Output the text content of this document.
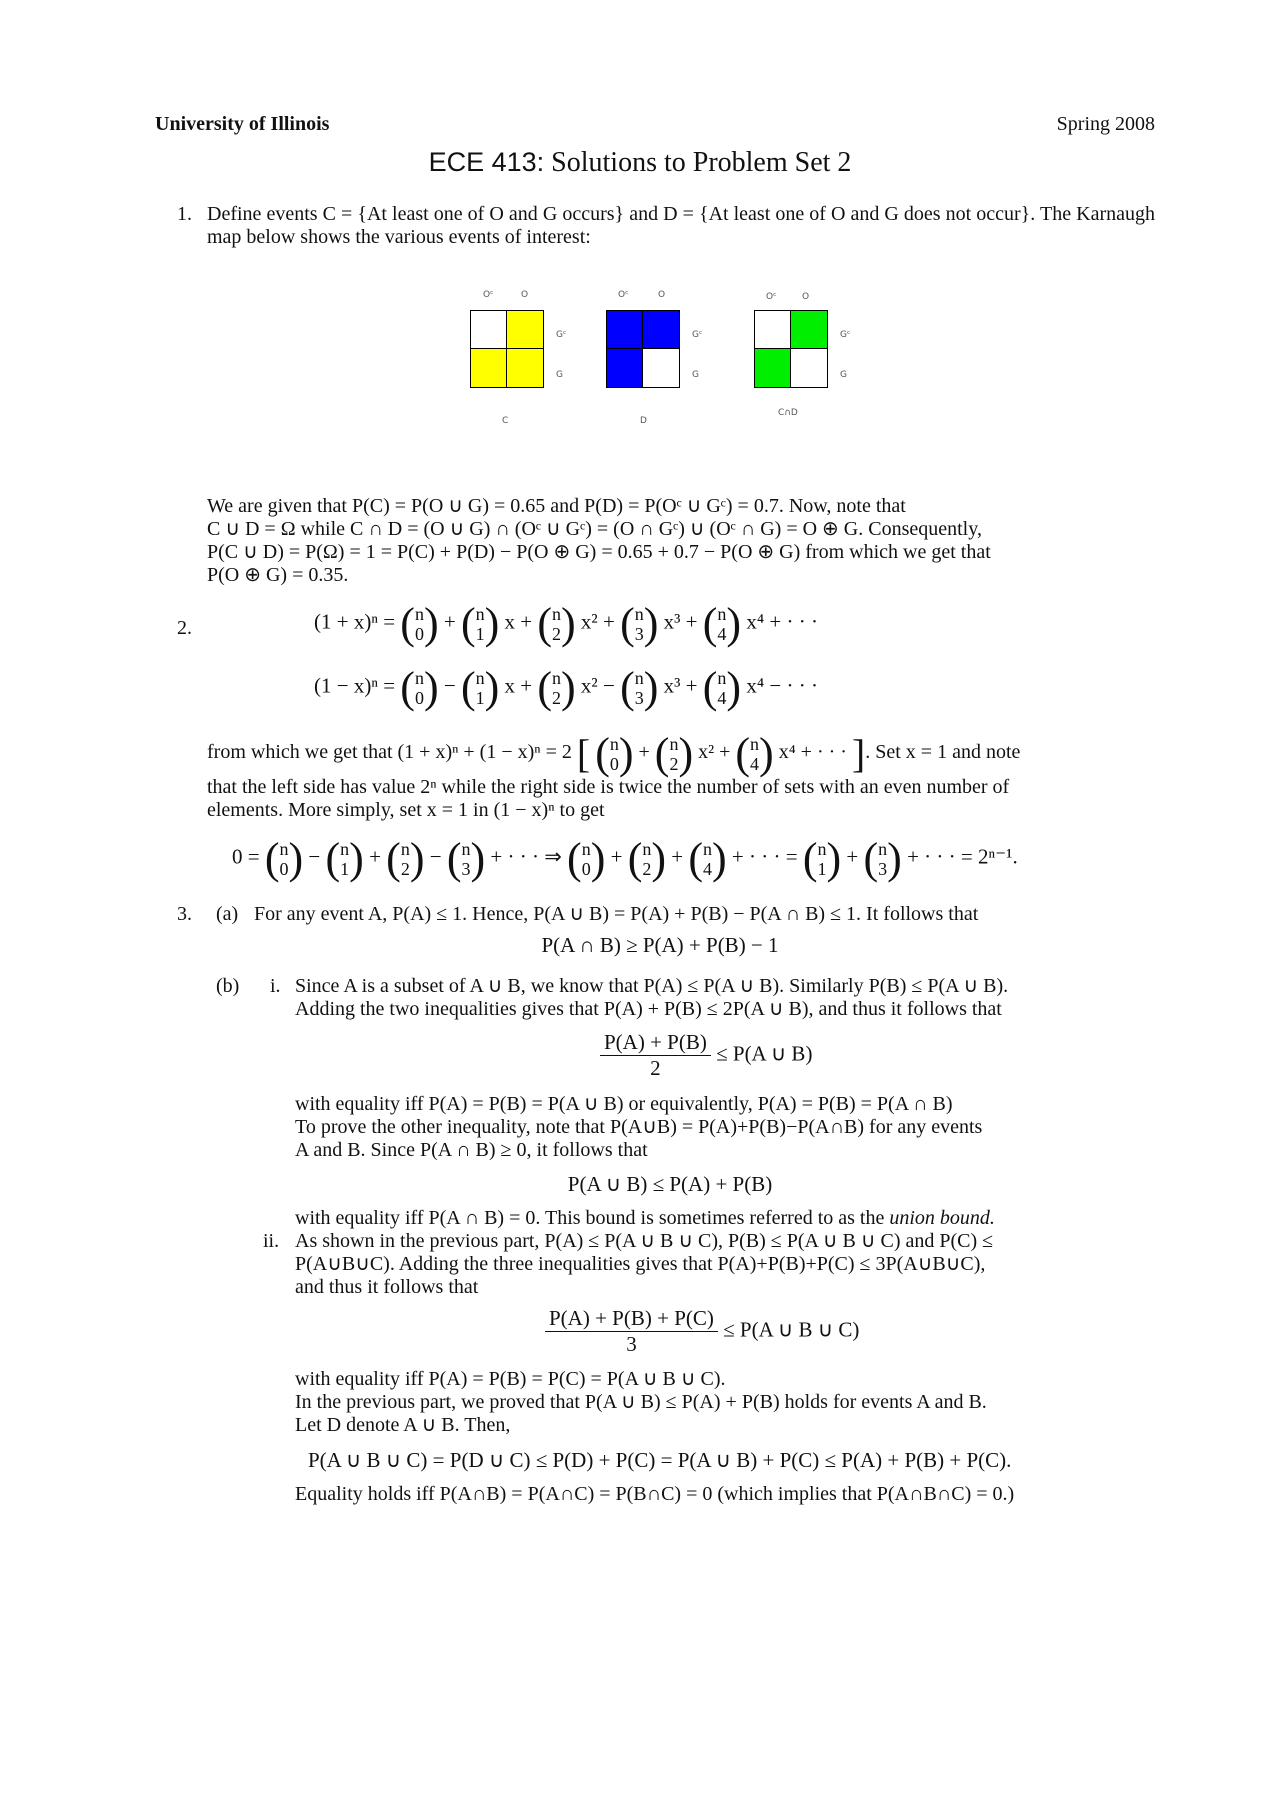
University of Illinois	Spring 2008
ECE 413: Solutions to Problem Set 2
1. Define events C = {At least one of O and G occurs} and D = {At least one of O and G does not occur}. The Karnaugh map below shows the various events of interest:
Oᶜ	O
Gᶜ
G
C
Oᶜ	O
Gᶜ
G
D
Oᶜ	O
Gᶜ
G
C∩D
We are given that P(C) = P(O ∪ G) = 0.65 and P(D) = P(Oᶜ ∪ Gᶜ) = 0.7. Now, note that
C ∪ D = Ω while C ∩ D = (O ∪ G) ∩ (Oᶜ ∪ Gᶜ) = (O ∩ Gᶜ) ∪ (Oᶜ ∩ G) = O ⊕ G. Consequently,
P(C ∪ D) = P(Ω) = 1 = P(C) + P(D) − P(O ⊕ G) = 0.65 + 0.7 − P(O ⊕ G) from which we get that
P(O ⊕ G) = 0.35.
2.	(1 + x)ⁿ = (n
0) + (n
1) x + (n
2) x² + (n
3) x³ + (n
4) x⁴ + · · ·
(1 − x)ⁿ = (n
0) − (n
1) x + (n
2) x² − (n
3) x³ + (n
4) x⁴ − · · ·
from which we get that (1 + x)ⁿ + (1 − x)ⁿ = 2 [ (n
0) + (n
2) x² + (n
4) x⁴ + · · · ]. Set x = 1 and note
that the left side has value 2ⁿ while the right side is twice the number of sets with an even number of
elements. More simply, set x = 1 in (1 − x)ⁿ to get
0 = (n
0) − (n
1) + (n
2) − (n
3) + · · · ⇒ (n
0) + (n
2) + (n
4) + · · · = (n
1) + (n
3) + · · · = 2ⁿ⁻¹.
3. (a) For any event A, P(A) ≤ 1. Hence, P(A ∪ B) = P(A) + P(B) − P(A ∩ B) ≤ 1. It follows that
P(A ∩ B) ≥ P(A) + P(B) − 1
(b) i. Since A is a subset of A ∪ B, we know that P(A) ≤ P(A ∪ B). Similarly P(B) ≤ P(A ∪ B).
Adding the two inequalities gives that P(A) + P(B) ≤ 2P(A ∪ B), and thus it follows that
$\frac{P(A) + P(B)}{2} \le P(A$ ∪ B)
with equality iff P(A) = P(B) = P(A ∪ B) or equivalently, P(A) = P(B) = P(A ∩ B)
To prove the other inequality, note that P(A∪B) = P(A)+P(B)−P(A∩B) for any events
A and B. Since P(A ∩ B) ≥ 0, it follows that
P(A ∪ B) ≤ P(A) + P(B)
with equality iff P(A ∩ B) = 0. This bound is sometimes referred to as the union bound.
ii. As shown in the previous part, P(A) ≤ P(A ∪ B ∪ C), P(B) ≤ P(A ∪ B ∪ C) and P(C) ≤
P(A∪B∪C). Adding the three inequalities gives that P(A)+P(B)+P(C) ≤ 3P(A∪B∪C),
and thus it follows that
$\frac{P(A) + P(B) + P(C)}{3} \le P(A$ ∪ B ∪ C)
with equality iff P(A) = P(B) = P(C) = P(A ∪ B ∪ C).
In the previous part, we proved that P(A ∪ B) ≤ P(A) + P(B) holds for events A and B.
Let D denote A ∪ B. Then,
P(A ∪ B ∪ C) = P(D ∪ C) ≤ P(D) + P(C) = P(A ∪ B) + P(C) ≤ P(A) + P(B) + P(C).
Equality holds iff P(A∩B) = P(A∩C) = P(B∩C) = 0 (which implies that P(A∩B∩C) = 0.)
